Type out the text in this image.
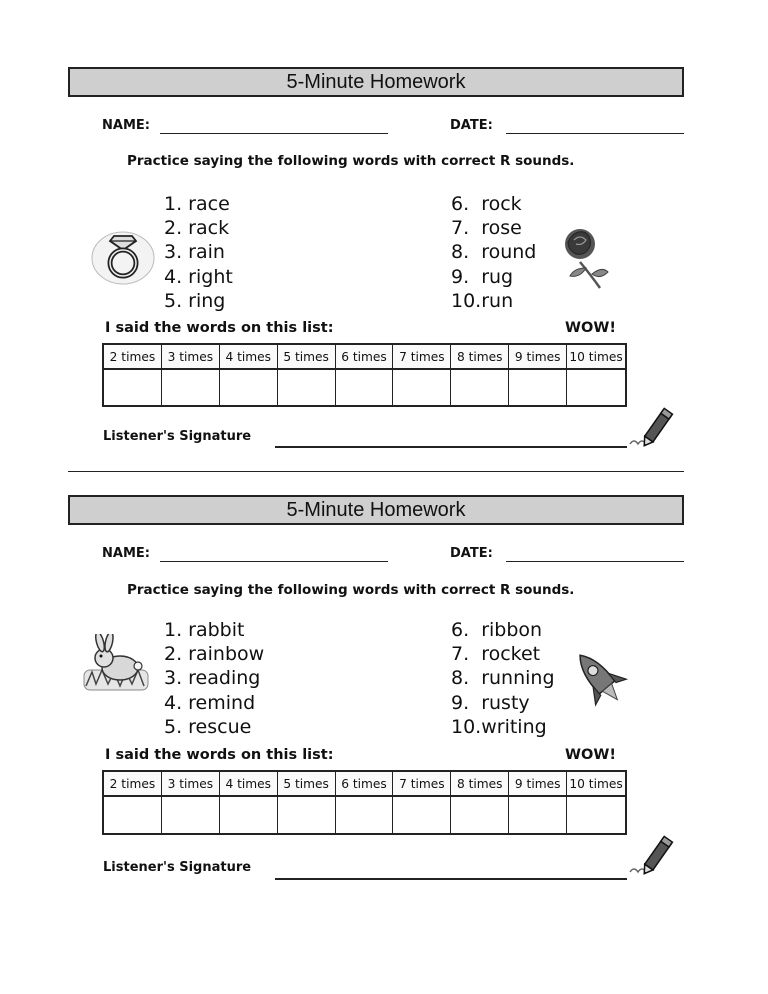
5-Minute Homework
NAME:	DATE:
Practice saying the following words with correct R sounds.
1. race
2. rack
3. rain
4. right
5. ring
6.  rock
7.  rose
8.  round
9.  rug
10.run
I said the words on this list:	WOW!
2 times	3 times	4 times	5 times	6 times	7 times	8 times	9 times 10 times
Listener's Signature
5-Minute Homework
NAME:	DATE:
Practice saying the following words with correct R sounds.
1. rabbit
2. rainbow
3. reading
4. remind
5. rescue
6.  ribbon
7.  rocket
8.  running
9.  rusty
10.writing
I said the words on this list:	WOW!
2 times	3 times	4 times	5 times	6 times	7 times	8 times	9 times 10 times
Listener's Signature
